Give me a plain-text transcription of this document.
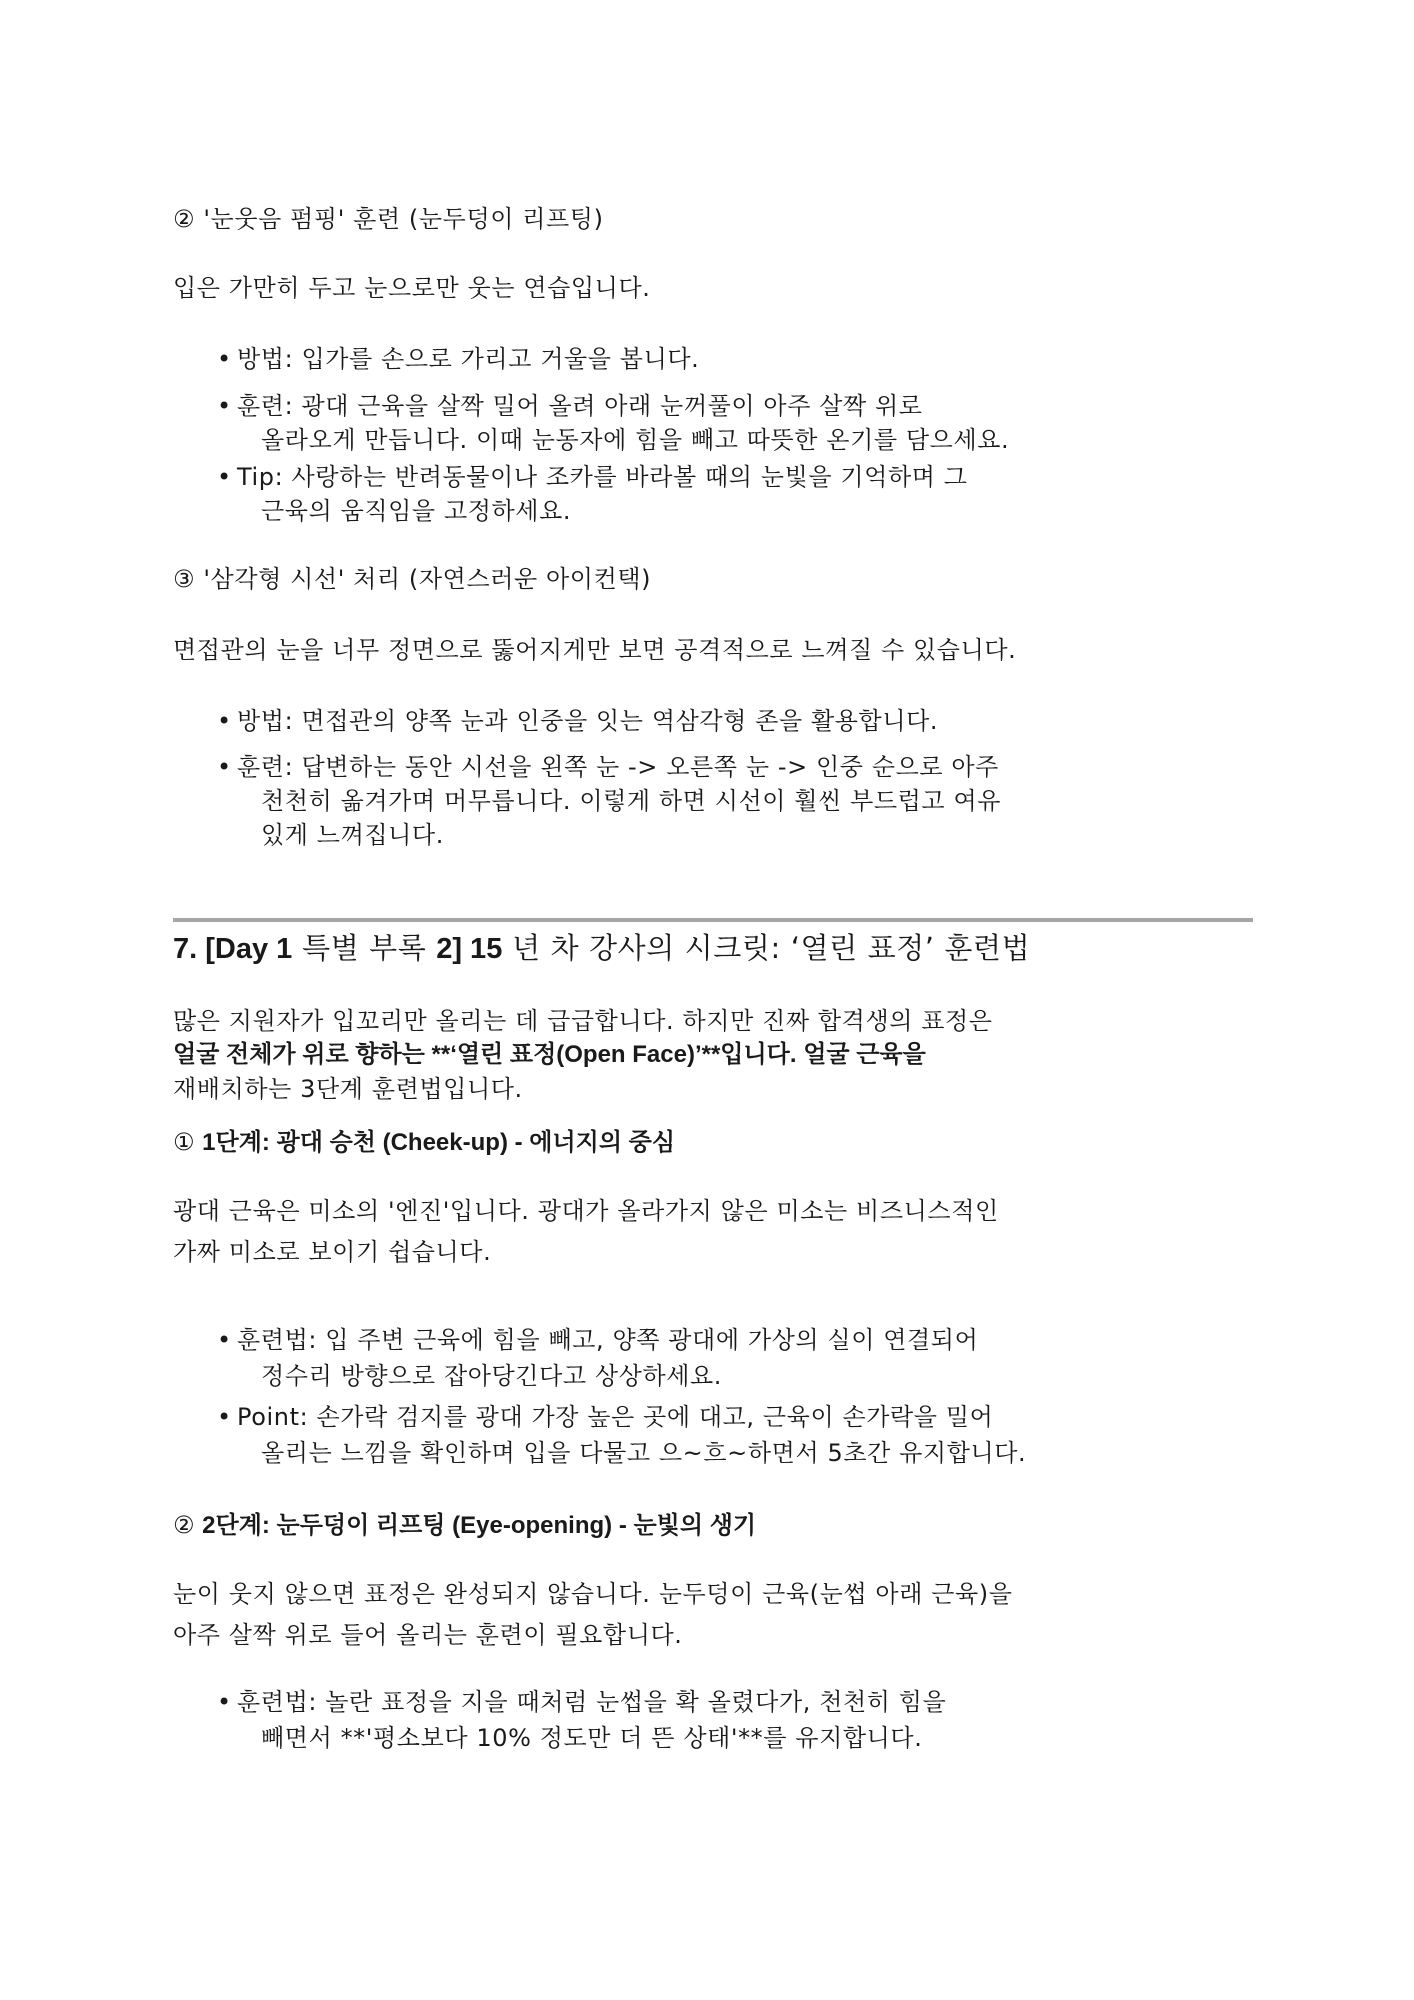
② '눈웃음 펌핑' 훈련 (눈두덩이 리프팅)
입은 가만히 두고 눈으로만 웃는 연습입니다.
• 방법: 입가를 손으로 가리고 거울을 봅니다.
• 훈련: 광대 근육을 살짝 밀어 올려 아래 눈꺼풀이 아주 살짝 위로
올라오게 만듭니다. 이때 눈동자에 힘을 빼고 따뜻한 온기를 담으세요.
• Tip: 사랑하는 반려동물이나 조카를 바라볼 때의 눈빛을 기억하며 그
근육의 움직임을 고정하세요.
③ '삼각형 시선' 처리 (자연스러운 아이컨택)
면접관의 눈을 너무 정면으로 뚫어지게만 보면 공격적으로 느껴질 수 있습니다.
• 방법: 면접관의 양쪽 눈과 인중을 잇는 역삼각형 존을 활용합니다.
• 훈련: 답변하는 동안 시선을 왼쪽 눈 -> 오른쪽 눈 -> 인중 순으로 아주
천천히 옮겨가며 머무릅니다. 이렇게 하면 시선이 훨씬 부드럽고 여유
있게 느껴집니다.
7. [Day 1 특별 부록 2] 15 년 차 강사의 시크릿: ‘열린 표정’ 훈련법
많은 지원자가 입꼬리만 올리는 데 급급합니다. 하지만 진짜 합격생의 표정은
얼굴 전체가 위로 향하는 **‘열린 표정(Open Face)’**입니다. 얼굴 근육을
재배치하는 3단계 훈련법입니다.
① 1단계: 광대 승천 (Cheek-up) - 에너지의 중심
광대 근육은 미소의 '엔진'입니다. 광대가 올라가지 않은 미소는 비즈니스적인
가짜 미소로 보이기 쉽습니다.
• 훈련법: 입 주변 근육에 힘을 빼고, 양쪽 광대에 가상의 실이 연결되어
정수리 방향으로 잡아당긴다고 상상하세요.
• Point: 손가락 검지를 광대 가장 높은 곳에 대고, 근육이 손가락을 밀어
올리는 느낌을 확인하며 입을 다물고 으~흐~하면서 5초간 유지합니다.
② 2단계: 눈두덩이 리프팅 (Eye-opening) - 눈빛의 생기
눈이 웃지 않으면 표정은 완성되지 않습니다. 눈두덩이 근육(눈썹 아래 근육)을
아주 살짝 위로 들어 올리는 훈련이 필요합니다.
• 훈련법: 놀란 표정을 지을 때처럼 눈썹을 확 올렸다가, 천천히 힘을
빼면서 **'평소보다 10% 정도만 더 뜬 상태'**를 유지합니다.
